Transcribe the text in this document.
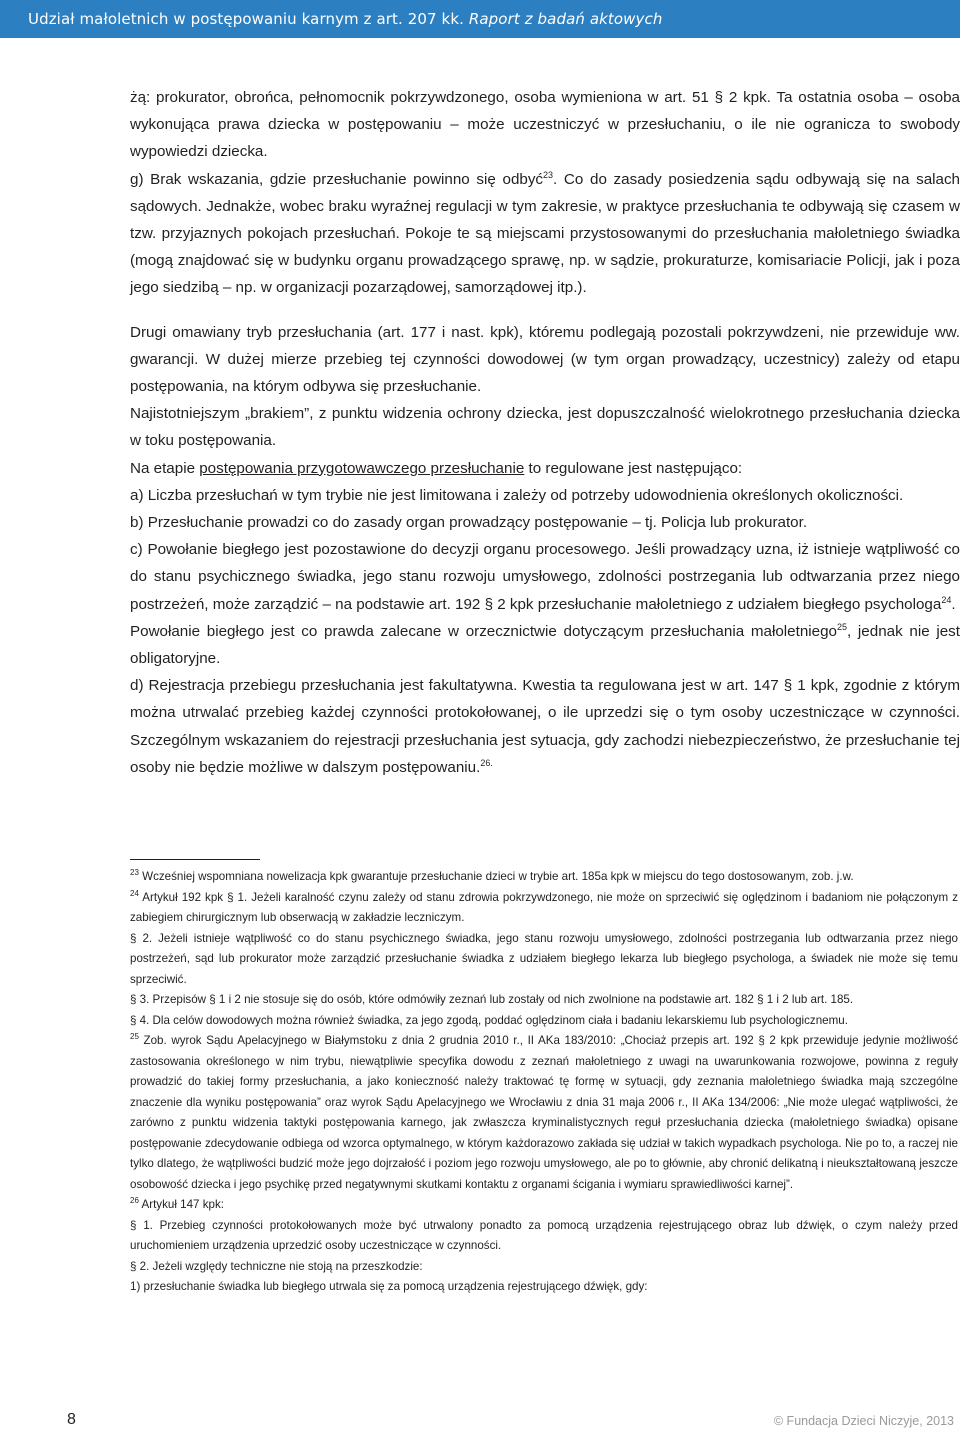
Udział małoletnich w postępowaniu karnym z art. 207 kk. Raport z badań aktowych

żą: prokurator, obrońca, pełnomocnik pokrzywdzonego, osoba wymieniona w art. 51 § 2 kpk. Ta ostatnia osoba – osoba wykonująca prawa dziecka w postępowaniu – może uczestniczyć w przesłuchaniu, o ile nie ogranicza to swobody wypowiedzi dziecka.

g) Brak wskazania, gdzie przesłuchanie powinno się odbyć$^{23}$. Co do zasady posiedzenia sądu odbywają się na salach sądowych. Jednakże, wobec braku wyraźnej regulacji w tym zakresie, w praktyce przesłuchania te odbywają się czasem w tzw. przyjaznych pokojach przesłuchań. Pokoje te są miejscami przystosowanymi do przesłuchania małoletniego świadka (mogą znajdować się w budynku organu prowadzącego sprawę, np. w sądzie, prokuraturze, komisariacie Policji, jak i poza jego siedzibą – np. w organizacji pozarządowej, samorządowej itp.).

Drugi omawiany tryb przesłuchania (art. 177 i nast. kpk), któremu podlegają pozostali pokrzywdzeni, nie przewiduje ww. gwarancji. W dużej mierze przebieg tej czynności dowodowej (w tym organ prowadzący, uczestnicy) zależy od etapu postępowania, na którym odbywa się przesłuchanie.

Najistotniejszym „brakiem”, z punktu widzenia ochrony dziecka, jest dopuszczalność wielokrotnego przesłuchania dziecka w toku postępowania.

Na etapie postępowania przygotowawczego przesłuchanie to regulowane jest następująco:

a) Liczba przesłuchań w tym trybie nie jest limitowana i zależy od potrzeby udowodnienia określonych okoliczności.

b) Przesłuchanie prowadzi co do zasady organ prowadzący postępowanie – tj. Policja lub prokurator.

c) Powołanie biegłego jest pozostawione do decyzji organu procesowego. Jeśli prowadzący uzna, iż istnieje wątpliwość co do stanu psychicznego świadka, jego stanu rozwoju umysłowego, zdolności postrzegania lub odtwarzania przez niego postrzeżeń, może zarządzić – na podstawie art. 192 § 2 kpk przesłuchanie małoletniego z udziałem biegłego psychologa$^{24}$.

Powołanie biegłego jest co prawda zalecane w orzecznictwie dotyczącym przesłuchania małoletniego$^{25}$, jednak nie jest obligatoryjne.

d) Rejestracja przebiegu przesłuchania jest fakultatywna. Kwestia ta regulowana jest w art. 147 § 1 kpk, zgodnie z którym można utrwalać przebieg każdej czynności protokołowanej, o ile uprzedzi się o tym osoby uczestniczące w czynności. Szczególnym wskazaniem do rejestracji przesłuchania jest sytuacja, gdy zachodzi niebezpieczeństwo, że przesłuchanie tej osoby nie będzie możliwe w dalszym postępowaniu.$^{26.}$

$^{23}$ Wcześniej wspomniana nowelizacja kpk gwarantuje przesłuchanie dzieci w trybie art. 185a kpk w miejscu do tego dostosowanym, zob. j.w.

$^{24}$ Artykuł 192 kpk § 1. Jeżeli karalność czynu zależy od stanu zdrowia pokrzywdzonego, nie może on sprzeciwić się oględzinom i badaniom nie połączonym z zabiegiem chirurgicznym lub obserwacją w zakładzie leczniczym.

§ 2. Jeżeli istnieje wątpliwość co do stanu psychicznego świadka, jego stanu rozwoju umysłowego, zdolności postrzegania lub odtwarzania przez niego postrzeżeń, sąd lub prokurator może zarządzić przesłuchanie świadka z udziałem biegłego lekarza lub biegłego psychologa, a świadek nie może się temu sprzeciwić.

§ 3. Przepisów § 1 i 2 nie stosuje się do osób, które odmówiły zeznań lub zostały od nich zwolnione na podstawie art. 182 § 1 i 2 lub art. 185.

§ 4. Dla celów dowodowych można również świadka, za jego zgodą, poddać oględzinom ciała i badaniu lekarskiemu lub psychologicznemu.

$^{25}$ Zob. wyrok Sądu Apelacyjnego w Białymstoku z dnia 2 grudnia 2010 r., II AKa 183/2010: „Chociaż przepis art. 192 § 2 kpk przewiduje jedynie możliwość zastosowania określonego w nim trybu, niewątpliwie specyfika dowodu z zeznań małoletniego z uwagi na uwarunkowania rozwojowe, powinna z reguły prowadzić do takiej formy przesłuchania, a jako konieczność należy traktować tę formę w sytuacji, gdy zeznania małoletniego świadka mają szczególne znaczenie dla wyniku postępowania” oraz wyrok Sądu Apelacyjnego we Wrocławiu z dnia 31 maja 2006 r., II AKa 134/2006: „Nie może ulegać wątpliwości, że zarówno z punktu widzenia taktyki postępowania karnego, jak zwłaszcza kryminalistycznych reguł przesłuchania dziecka (małoletniego świadka) opisane postępowanie zdecydowanie odbiega od wzorca optymalnego, w którym każdorazowo zakłada się udział w takich wypadkach psychologa. Nie po to, a raczej nie tylko dlatego, że wątpliwości budzić może jego dojrzałość i poziom jego rozwoju umysłowego, ale po to głównie, aby chronić delikatną i nieukształtowaną jeszcze osobowość dziecka i jego psychikę przed negatywnymi skutkami kontaktu z organami ścigania i wymiaru sprawiedliwości karnej”.

$^{26}$ Artykuł 147 kpk:

§ 1. Przebieg czynności protokołowanych może być utrwalony ponadto za pomocą urządzenia rejestrującego obraz lub dźwięk, o czym należy przed uruchomieniem urządzenia uprzedzić osoby uczestniczące w czynności.

§ 2. Jeżeli względy techniczne nie stoją na przeszkodzie:

1) przesłuchanie świadka lub biegłego utrwala się za pomocą urządzenia rejestrującego dźwięk, gdy:

8	© Fundacja Dzieci Niczyje, 2013
